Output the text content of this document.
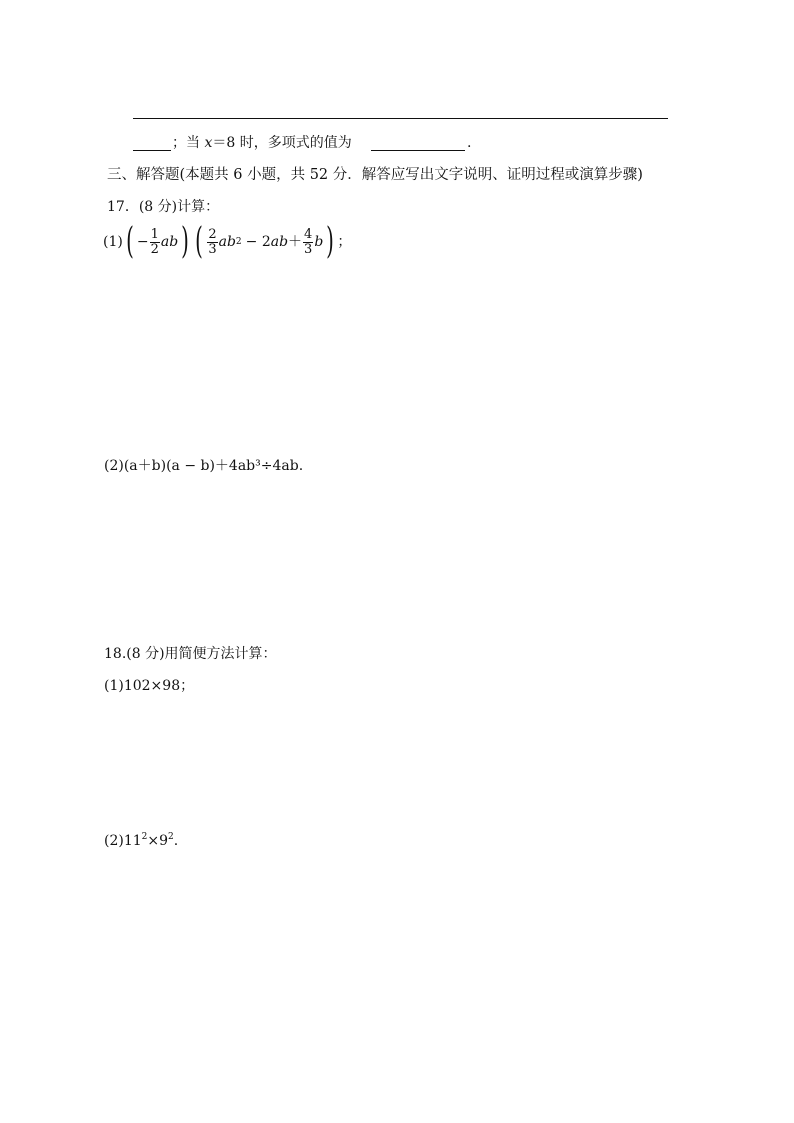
；当 x＝8 时，多项式的值为	.
三、解答题(本题共 6 小题，共 52 分．解答应写出文字说明、证明过程或演算步骤)
17．(8 分)计算：
(1) ( − $\frac{1}{2}$ ab ) ( $\frac{2}{3}$ ab 2 − 2 ab ＋ $\frac{4}{3}$ b ) ；
(2)(a＋b)(a − b)＋4ab³÷4ab.
18.(8 分)用简便方法计算：
(1)102×98；
$(2)11^2\times 9^2$.
